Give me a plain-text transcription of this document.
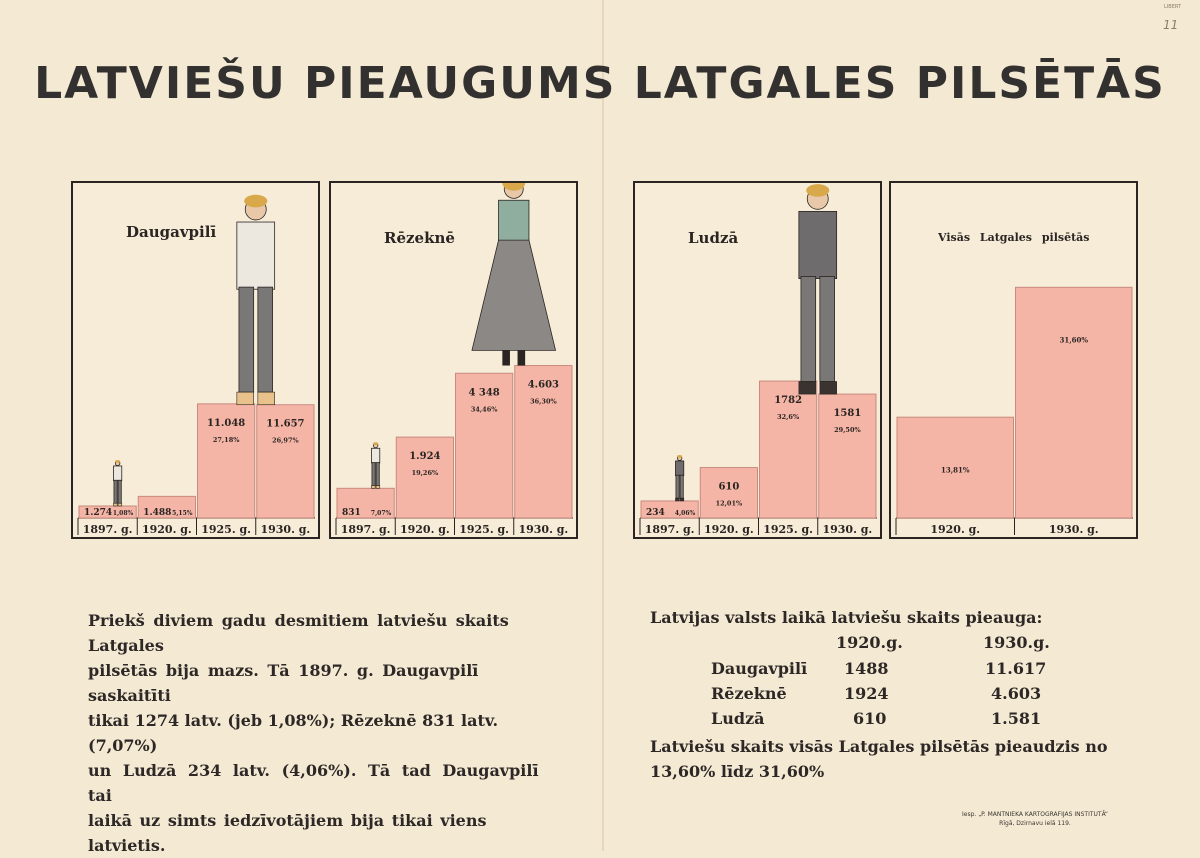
11
LIBERT
LATVIEŠU PIEAUGUMS LATGALES PILSĒTĀS
Daugavpilī
1.274 1,08%
1897. g.
1.488 5,15%
1920. g.
11.048
27,18%
1925. g.
11.657
26,97%
1930. g.
Rēzeknē
831 7,07%
1897. g.
1.924
19,26%
1920. g.
4 348
34,46%
1925. g.
4.603
36,30%
1930. g.
Ludzā
234 4,06%
1897. g.
610
12,01%
1920. g.
1782
32,6%
1925. g.
1581
29,50%
1930. g.
Visās Latgales pilsētās
13,81%
1920. g.
31,60%
1930. g.
Priekš diviem gadu desmitiem latviešu skaits Latgales
pilsētās bija mazs. Tā 1897. g. Daugavpilī saskaitīti
tikai 1274 latv. (jeb 1,08%); Rēzeknē 831 latv. (7,07%)
un Ludzā 234 latv. (4,06%). Tā tad Daugavpilī tai
laikā uz simts iedzīvotājiem bija tikai viens latvietis.
Latvijas valsts laikā latviešu skaits pieauga:
1920.g.	1930.g.
Daugavpilī 1488	11.617
Rēzeknē	1924	4.603
Ludzā	610	1.581
Latviešu skaits visās Latgales pilsētās pieaudzis no
13,60% līdz 31,60%
Iesp. „P. MANTNIEKA KARTOGRAFIJAS INSTITUTĀ“
Rīgā, Dzirnavu ielā 119.
